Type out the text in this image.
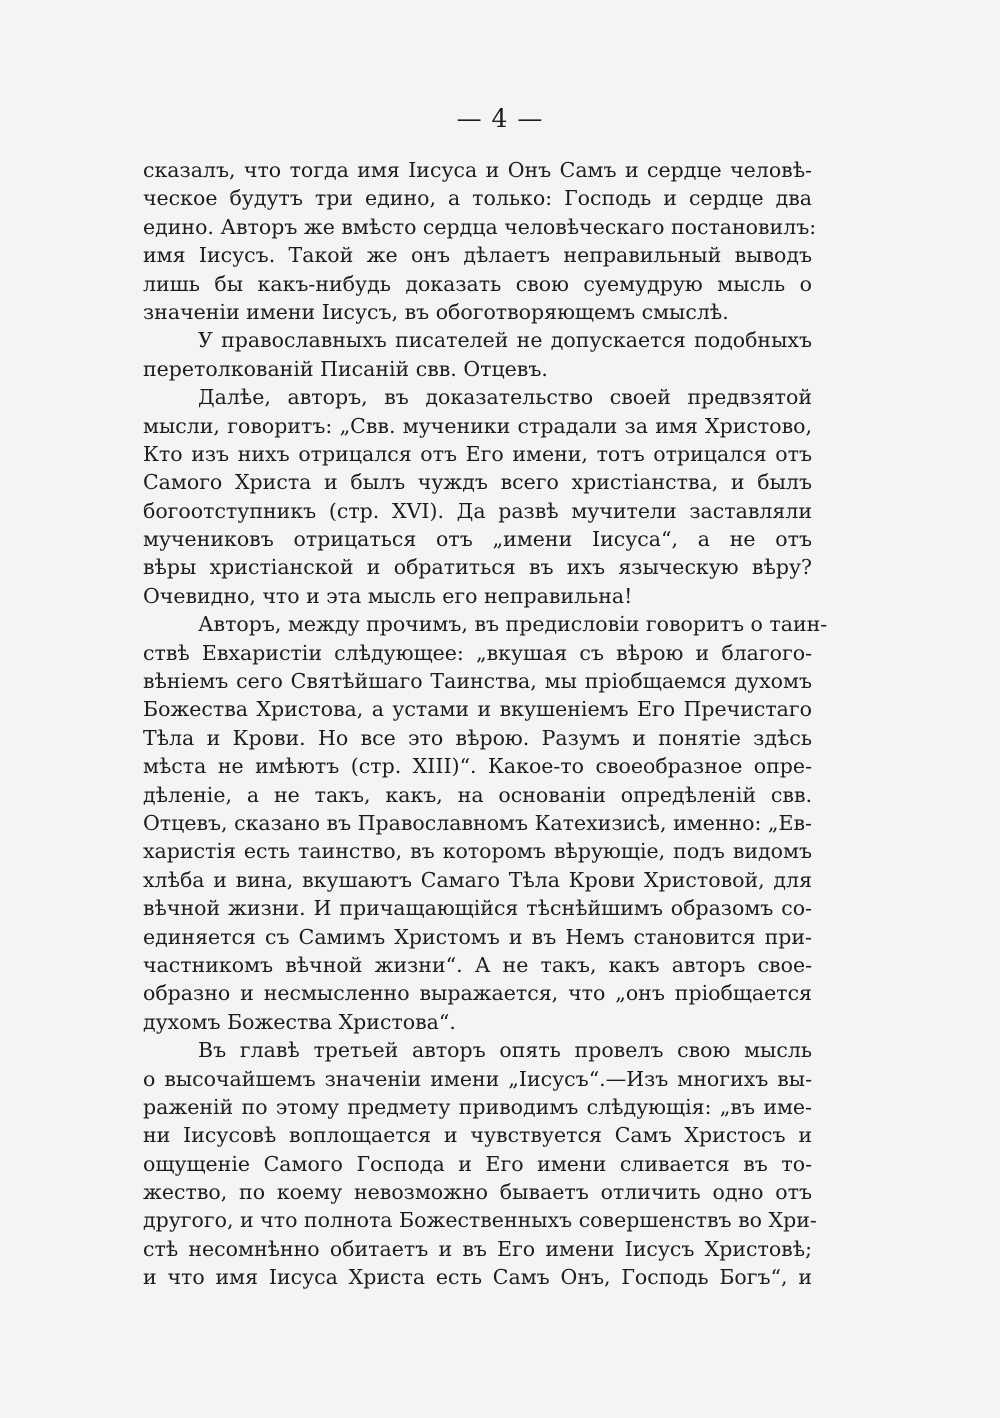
— 4 —
сказалъ, что тогда имя Іисуса и Онъ Самъ и сердце человѣ-
ческое будутъ три едино, а только: Господь и сердце два
едино. Авторъ же вмѣсто сердца человѣческаго постановилъ:
имя Іисусъ. Такой же онъ дѣлаетъ неправильный выводъ
лишь бы какъ-нибудь доказать свою суемудрую мысль о
значеніи имени Іисусъ, въ обоготворяющемъ смыслѣ.
У православныхъ писателей не допускается подобныхъ
перетолкованій Писаній свв. Отцевъ.
Далѣе, авторъ, въ доказательство своей предвзятой
мысли, говоритъ: „Свв. мученики страдали за имя Христово,
Кто изъ нихъ отрицался отъ Его имени, тотъ отрицался отъ
Самого Христа и былъ чуждъ всего христіанства, и былъ
богоотступникъ (стр. XVI). Да развѣ мучители заставляли
мучениковъ отрицаться отъ „имени Іисуса“, а не отъ
вѣры христіанской и обратиться въ ихъ языческую вѣру?
Очевидно, что и эта мысль его неправильна!
Авторъ, между прочимъ, въ предисловіи говоритъ о таин-
ствѣ Евхаристіи слѣдующее: „вкушая съ вѣрою и благого-
вѣніемъ сего Святѣйшаго Таинства, мы пріобщаемся духомъ
Божества Христова, а устами и вкушеніемъ Его Пречистаго
Тѣла и Крови. Но все это вѣрою. Разумъ и понятіе здѣсь
мѣста не имѣютъ (стр. XIII)“. Какое-то своеобразное опре-
дѣленіе, а не такъ, какъ, на основаніи опредѣленій свв.
Отцевъ, сказано въ Православномъ Катехизисѣ, именно: „Ев-
харистія есть таинство, въ которомъ вѣрующіе, подъ видомъ
хлѣба и вина, вкушаютъ Самаго Тѣла Крови Христовой, для
вѣчной жизни. И причащающійся тѣснѣйшимъ образомъ со-
единяется съ Самимъ Христомъ и въ Немъ становится при-
частникомъ вѣчной жизни“. А не такъ, какъ авторъ свое-
образно и несмысленно выражается, что „онъ пріобщается
духомъ Божества Христова“.
Въ главѣ третьей авторъ опять провелъ свою мысль
о высочайшемъ значеніи имени „Іисусъ“.—Изъ многихъ вы-
раженій по этому предмету приводимъ слѣдующія: „въ име-
ни Іисусовѣ воплощается и чувствуется Самъ Христосъ и
ощущеніе Самого Господа и Его имени сливается въ то-
жество, по коему невозможно бываетъ отличить одно отъ
другого, и что полнота Божественныхъ совершенствъ во Хри-
стѣ несомнѣнно обитаетъ и въ Его имени Іисусъ Христовѣ;
и что имя Іисуса Христа есть Самъ Онъ, Господь Богъ“, и
